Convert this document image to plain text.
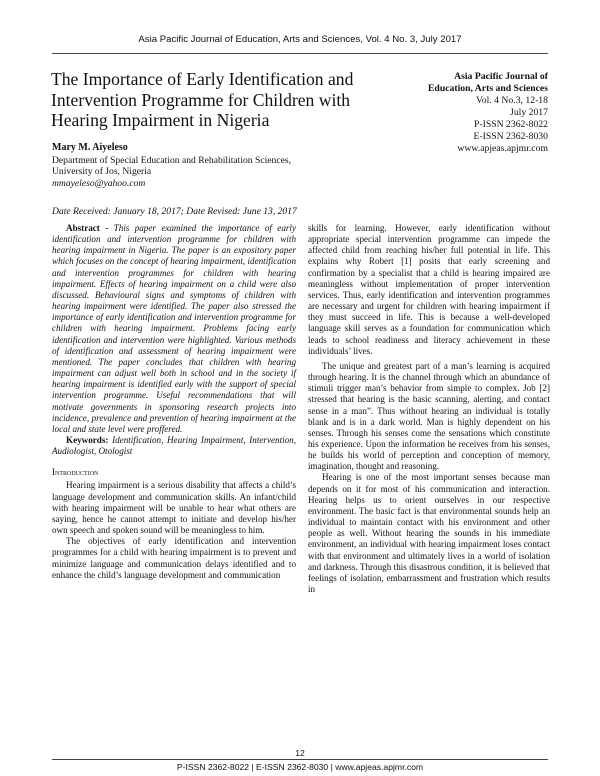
Asia Pacific Journal of Education, Arts and Sciences, Vol. 4 No. 3, July 2017
The Importance of Early Identification and Intervention Programme for Children with Hearing Impairment in Nigeria
Asia Pacific Journal of
Education, Arts and Sciences
Vol. 4 No.3, 12-18
July 2017
P-ISSN 2362-8022
E-ISSN 2362-8030
www.apjeas.apjmr.com
Mary M. Aiyeleso
Department of Special Education and Rehabilitation Sciences,
University of Jos, Nigeria
mmayeleso@yahoo.com
Date Received: January 18, 2017; Date Revised: June 13, 2017

Abstract - This paper examined the importance of early identification and intervention programme for children with hearing impairment in Nigeria. The paper is an expository paper which focuses on the concept of hearing impairment, identification and intervention programmes for children with hearing impairment. Effects of hearing impairment on a child were also discussed. Behavioural signs and symptoms of children with hearing impairment were identified. The paper also stressed the importance of early identification and intervention programme for children with hearing impairment. Problems facing early identification and intervention were highlighted. Various methods of identification and assessment of hearing impairment were mentioned. The paper concludes that children with hearing impairment can adjust well both in school and in the society if hearing impairment is identified early with the support of special intervention programme. Useful recommendations that will motivate governments in sponsoring research projects into incidence, prevalence and prevention of hearing impairment at the local and state level were proffered.

Keywords: Identification, Hearing Impairment, Intervention, Audiologist, Otologist

Introduction

Hearing impairment is a serious disability that affects a child’s language development and communication skills. An infant/child with hearing impairment will be unable to hear what others are saying, hence he cannot attempt to initiate and develop his/her own speech and spoken sound will be meaningless to him.

The objectives of early identification and intervention programmes for a child with hearing impairment is to prevent and minimize language and communication delays identified and to enhance the child’s language development and communication

skills for learning. However, early identification without appropriate special intervention programme can impede the affected child from reaching his/her full potential in life. This explains why Robert [1] posits that early screening and confirmation by a specialist that a child is hearing impaired are meaningless without implementation of proper intervention services. Thus, early identification and intervention programmes are necessary and urgent for children with hearing impairment if they must succeed in life. This is because a well-developed language skill serves as a foundation for communication which leads to school readiness and literacy achievement in these individuals’ lives.

The unique and greatest part of a man’s learning is acquired through hearing. It is the channel through which an abundance of stimuli trigger man’s behavior from simple to complex. Job [2] stressed that hearing is the basic scanning, alerting, and contact sense in a man”. Thus without hearing an individual is totally blank and is in a dark world. Man is highly dependent on his senses. Through his senses come the sensations which constitute his experience. Upon the information he receives from his senses, he builds his world of perception and conception of memory, imagination, thought and reasoning.

Hearing is one of the most important senses because man depends on it for most of his communication and interaction. Hearing helps us to orient ourselves in our respective environment. The basic fact is that environmental sounds help an individual to maintain contact with his environment and other people as well. Without hearing the sounds in his immediate environment, an individual with hearing impairment loses contact with that environment and ultimately lives in a world of isolation and darkness. Through this disastrous condition, it is believed that feelings of isolation, embarrassment and frustration which results in

12
P-ISSN 2362-8022 | E-ISSN 2362-8030 | www.apjeas.apjmr.com
